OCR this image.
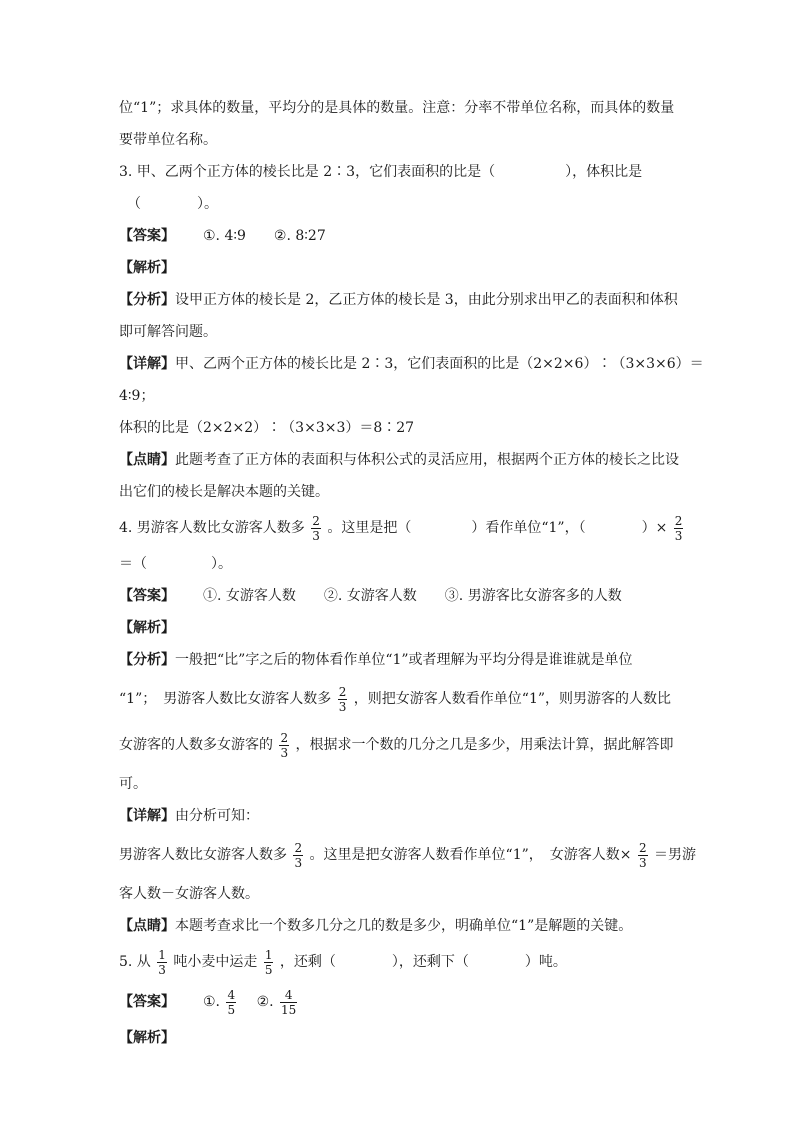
位“1”；求具体的数量，平均分的是具体的数量。注意：分率不带单位名称，而具体的数量
要带单位名称。
3. 甲、乙两个正方体的棱长比是 2∶3，它们表面积的比是（	），体积比是
（	）。
【答案】 ①. 4∶9　　②. 8∶27
【解析】
【分析】设甲正方体的棱长是 2，乙正方体的棱长是 3，由此分别求出甲乙的表面积和体积
即可解答问题。
【详解】甲、乙两个正方体的棱长比是 2∶3，它们表面积的比是（2×2×6）∶（3×3×6）＝
4∶9；
体积的比是（2×2×2）∶（3×3×3）＝8∶27
【点睛】此题考查了正方体的表面积与体积公式的灵活应用，根据两个正方体的棱长之比设
出它们的棱长是解决本题的关键。
4. 男游客人数比女游客人数多 $\frac{2}{3}$ 。这里是把（	）看作单位“1”，（	）× $\frac{2}{3}$
＝（	）。
【答案】 ①. 女游客人数　　②. 女游客人数　　③. 男游客比女游客多的人数
【解析】
【分析】一般把“比”字之后的物体看作单位“1”或者理解为平均分得是谁谁就是单位
“1”；　男游客人数比女游客人数多 $\frac{2}{3}$ ，则把女游客人数看作单位“1”，则男游客的人数比
女游客的人数多女游客的 $\frac{2}{3}$ ，根据求一个数的几分之几是多少，用乘法计算，据此解答即
可。
【详解】由分析可知：
男游客人数比女游客人数多 $\frac{2}{3}$ 。这里是把女游客人数看作单位“1”，　女游客人数× $\frac{2}{3}$ ＝男游
客人数－女游客人数。
【点睛】本题考查求比一个数多几分之几的数是多少，明确单位“1”是解题的关键。
5. 从 $\frac{1}{3}$ 吨小麦中运走 $\frac{1}{5}$ ，还剩（	），还剩下（	）吨。
【答案】 ①. $\frac{4}{5}$ ②. $\frac{4}{15}$
【解析】
